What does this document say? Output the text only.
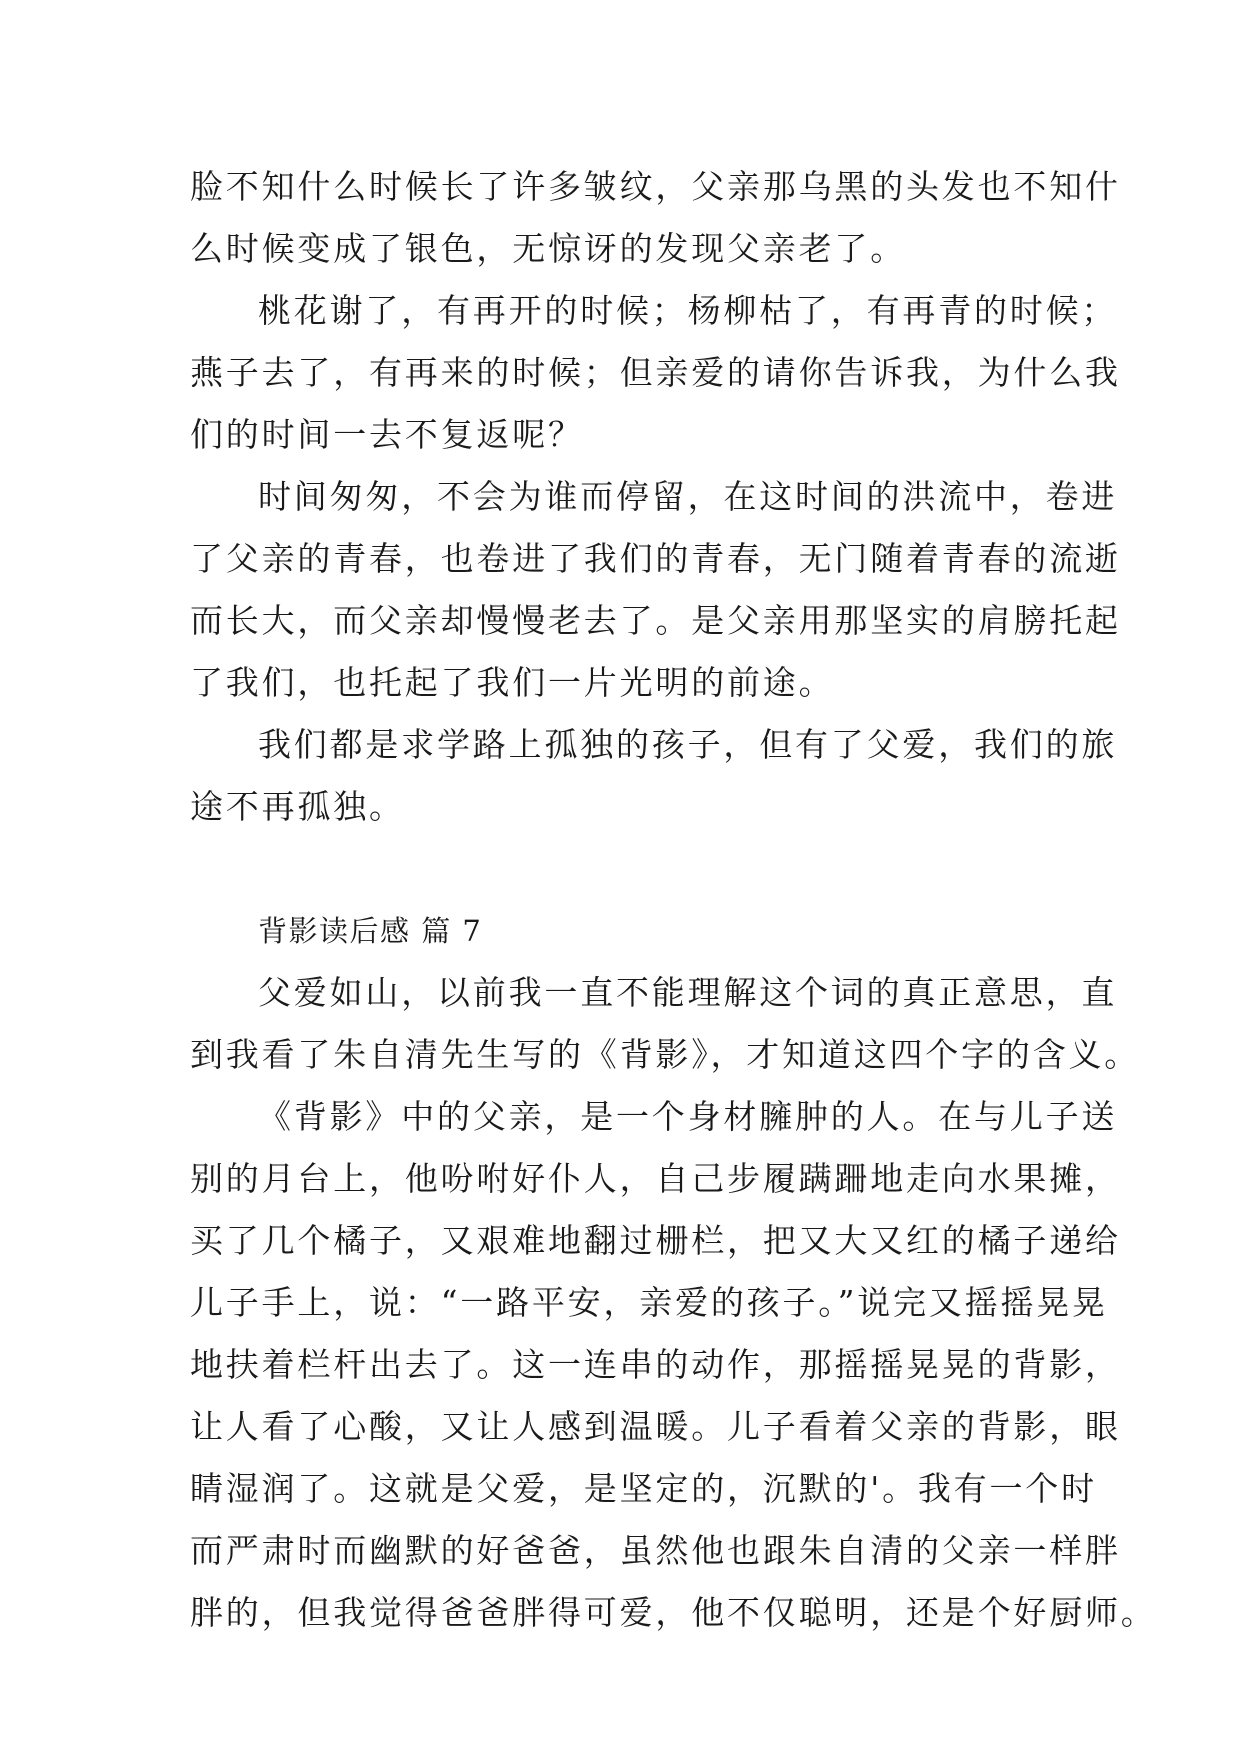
脸不知什么时候长了许多皱纹，父亲那乌黑的头发也不知什

么时候变成了银色，无惊讶的发现父亲老了。

桃花谢了，有再开的时候；杨柳枯了，有再青的时候；

燕子去了，有再来的时候；但亲爱的请你告诉我，为什么我

们的时间一去不复返呢？

时间匆匆，不会为谁而停留，在这时间的洪流中，卷进

了父亲的青春，也卷进了我们的青春，无门随着青春的流逝

而长大，而父亲却慢慢老去了。是父亲用那坚实的肩膀托起

了我们，也托起了我们一片光明的前途。

我们都是求学路上孤独的孩子，但有了父爱，我们的旅

途不再孤独。

背影读后感 篇 7

父爱如山，以前我一直不能理解这个词的真正意思，直

到我看了朱自清先生写的《背影》，才知道这四个字的含义。

《背影》中的父亲，是一个身材臃肿的人。在与儿子送

别的月台上，他吩咐好仆人，自己步履蹒跚地走向水果摊，

买了几个橘子，又艰难地翻过栅栏，把又大又红的橘子递给

儿子手上，说：“一路平安，亲爱的孩子。”说完又摇摇晃晃

地扶着栏杆出去了。这一连串的动作，那摇摇晃晃的背影，

让人看了心酸，又让人感到温暖。儿子看着父亲的背影，眼

睛湿润了。这就是父爱，是坚定的，沉默的'。我有一个时

而严肃时而幽默的好爸爸，虽然他也跟朱自清的父亲一样胖

胖的，但我觉得爸爸胖得可爱，他不仅聪明，还是个好厨师。
